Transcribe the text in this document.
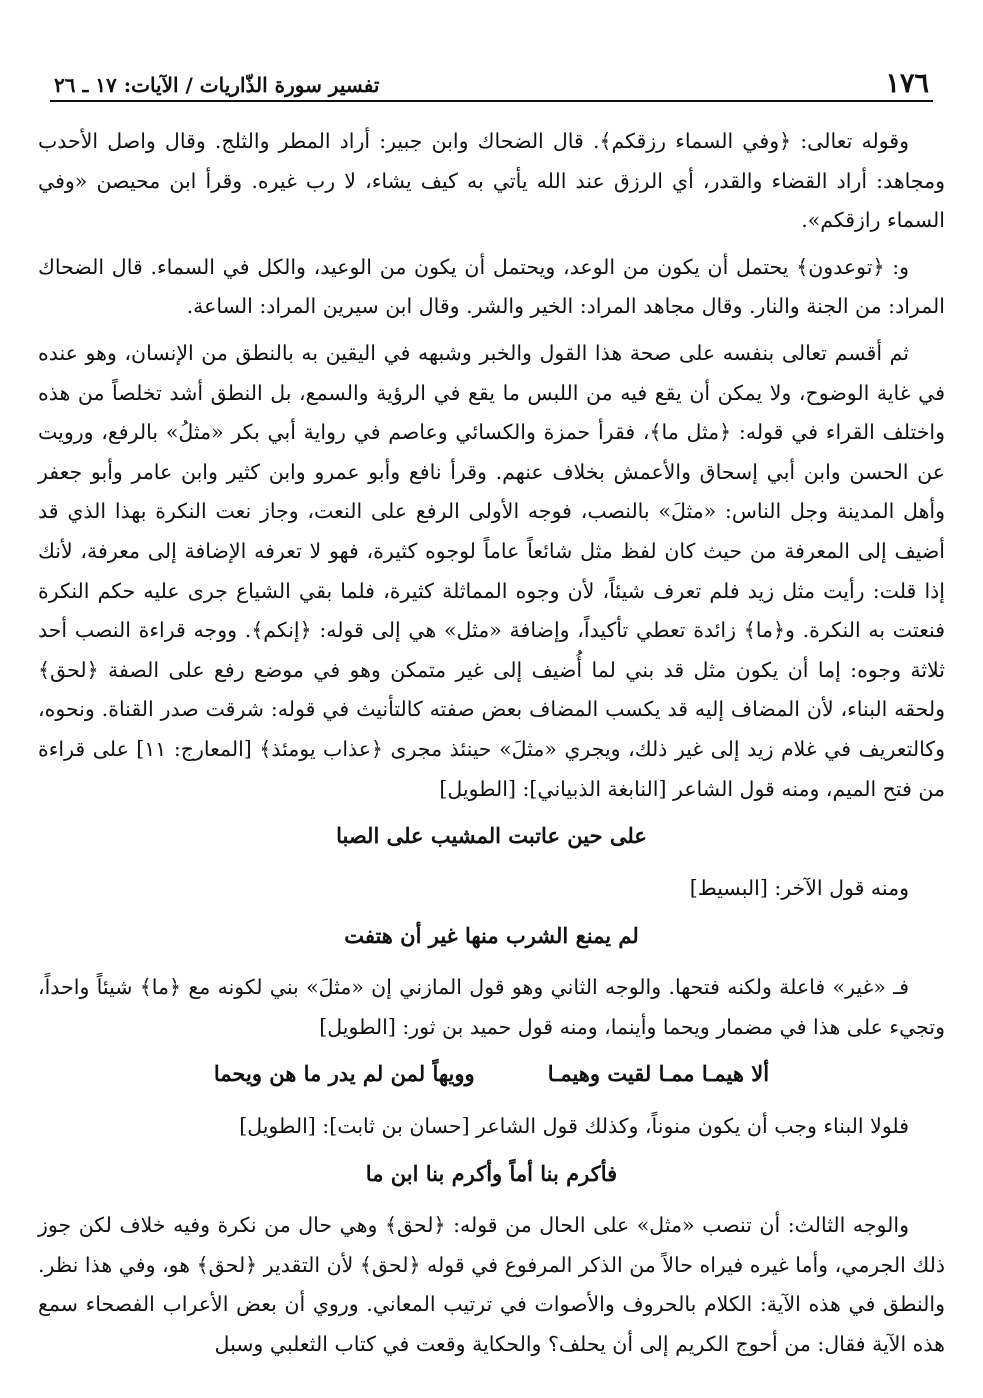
١٧٦
تفسير سورة الذّاريات / الآيات: ١٧ ـ ٢٦

وقوله تعالى: ﴿وفي السماء رزقكم﴾. قال الضحاك وابن جبير: أراد المطر والثلج. وقال واصل الأحدب ومجاهد: أراد القضاء والقدر، أي الرزق عند الله يأتي به كيف يشاء، لا رب غيره. وقرأ ابن محيصن «وفي السماء رازقكم».

و: ﴿توعدون﴾ يحتمل أن يكون من الوعد، ويحتمل أن يكون من الوعيد، والكل في السماء. قال الضحاك المراد: من الجنة والنار. وقال مجاهد المراد: الخير والشر. وقال ابن سيرين المراد: الساعة.

ثم أقسم تعالى بنفسه على صحة هذا القول والخبر وشبهه في اليقين به بالنطق من الإنسان، وهو عنده في غاية الوضوح، ولا يمكن أن يقع فيه من اللبس ما يقع في الرؤية والسمع، بل النطق أشد تخلصاً من هذه واختلف القراء في قوله: ﴿مثل ما﴾، فقرأ حمزة والكسائي وعاصم في رواية أبي بكر «مثلُ» بالرفع، ورويت عن الحسن وابن أبي إسحاق والأعمش بخلاف عنهم. وقرأ نافع وأبو عمرو وابن كثير وابن عامر وأبو جعفر وأهل المدينة وجل الناس: «مثلَ» بالنصب، فوجه الأولى الرفع على النعت، وجاز نعت النكرة بهذا الذي قد أضيف إلى المعرفة من حيث كان لفظ مثل شائعاً عاماً لوجوه كثيرة، فهو لا تعرفه الإضافة إلى معرفة، لأنك إذا قلت: رأيت مثل زيد فلم تعرف شيئاً، لأن وجوه المماثلة كثيرة، فلما بقي الشياع جرى عليه حكم النكرة فنعتت به النكرة. و﴿ما﴾ زائدة تعطي تأكيداً، وإضافة «مثل» هي إلى قوله: ﴿إنكم﴾. ووجه قراءة النصب أحد ثلاثة وجوه: إما أن يكون مثل قد بني لما أُضيف إلى غير متمكن وهو في موضع رفع على الصفة ﴿لحق﴾ ولحقه البناء، لأن المضاف إليه قد يكسب المضاف بعض صفته كالتأنيث في قوله: شرقت صدر القناة. ونحوه، وكالتعريف في غلام زيد إلى غير ذلك، ويجري «مثلَ» حينئذ مجرى ﴿عذاب يومئذ﴾ [المعارج: ١١] على قراءة من فتح الميم، ومنه قول الشاعر [النابغة الذبياني]: [الطويل]

على حين عاتبت المشيب على الصبا
ومنه قول الآخر: [البسيط]
لم يمنع الشرب منها غير أن هتفت

فـ «غير» فاعلة ولكنه فتحها. والوجه الثاني وهو قول المازني إن «مثلَ» بني لكونه مع ﴿ما﴾ شيئاً واحداً، وتجيء على هذا في مضمار ويحما وأينما، ومنه قول حميد بن ثور: [الطويل]

ألا هيمـا ممـا لقيت وهيمـا          وويهاً لمن لم يدر ما هن ويحما
فلولا البناء وجب أن يكون منوناً، وكذلك قول الشاعر [حسان بن ثابت]: [الطويل]
فأكرم بنا أماً وأكرم بنا ابن ما

والوجه الثالث: أن تنصب «مثل» على الحال من قوله: ﴿لحق﴾ وهي حال من نكرة وفيه خلاف لكن جوز ذلك الجرمي، وأما غيره فيراه حالاً من الذكر المرفوع في قوله ﴿لحق﴾ لأن التقدير ﴿لحق﴾ هو، وفي هذا نظر. والنطق في هذه الآية: الكلام بالحروف والأصوات في ترتيب المعاني. وروي أن بعض الأعراب الفصحاء سمع هذه الآية فقال: من أحوج الكريم إلى أن يحلف؟ والحكاية وقعت في كتاب الثعلبي وسبل
